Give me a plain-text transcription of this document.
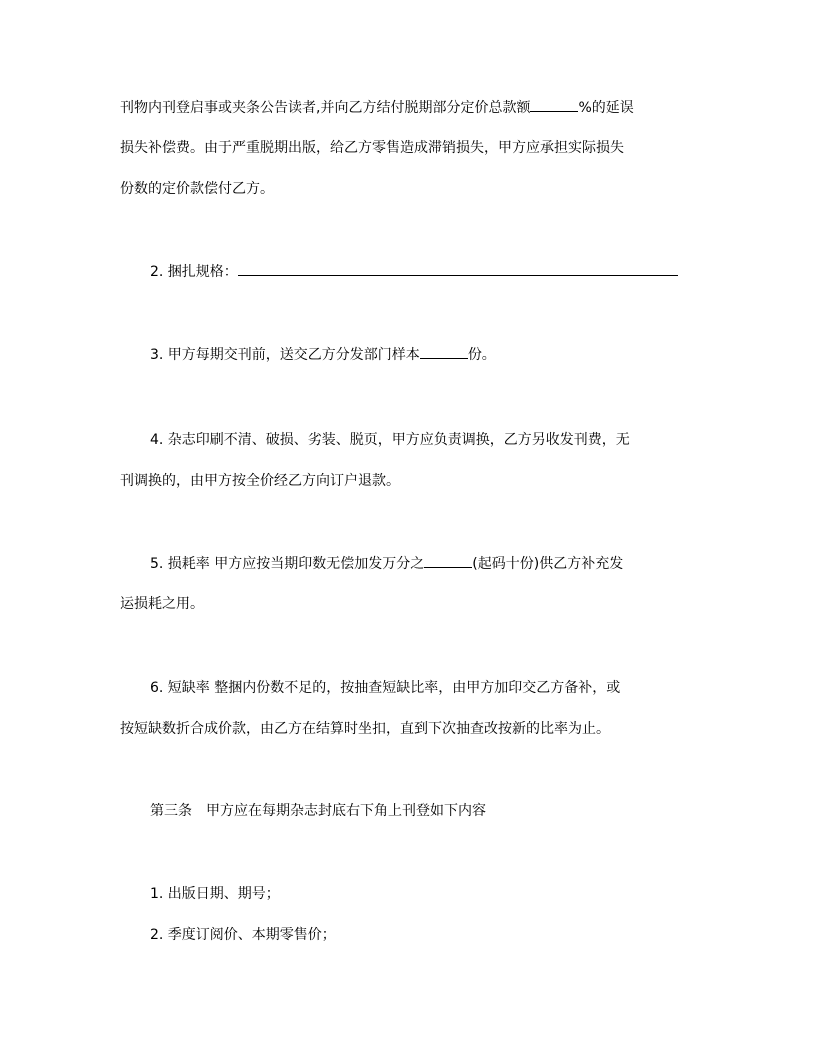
刊物内刊登启事或夹条公告读者,并向乙方结付脱期部分定价总款额	%的延误
损失补偿费。由于严重脱期出版，给乙方零售造成滞销损失，甲方应承担实际损失
份数的定价款偿付乙方。
2. 捆扎规格：
3. 甲方每期交刊前，送交乙方分发部门样本	份。
4. 杂志印刷不清、破损、劣装、脱页，甲方应负责调换，乙方另收发刊费，无
刊调换的，由甲方按全价经乙方向订户退款。
5. 损耗率 甲方应按当期印数无偿加发万分之	(起码十份)供乙方补充发
运损耗之用。
6. 短缺率 整捆内份数不足的，按抽查短缺比率，由甲方加印交乙方备补，或
按短缺数折合成价款，由乙方在结算时坐扣，直到下次抽查改按新的比率为止。
第三条　甲方应在每期杂志封底右下角上刊登如下内容
1. 出版日期、期号；
2. 季度订阅价、本期零售价；
